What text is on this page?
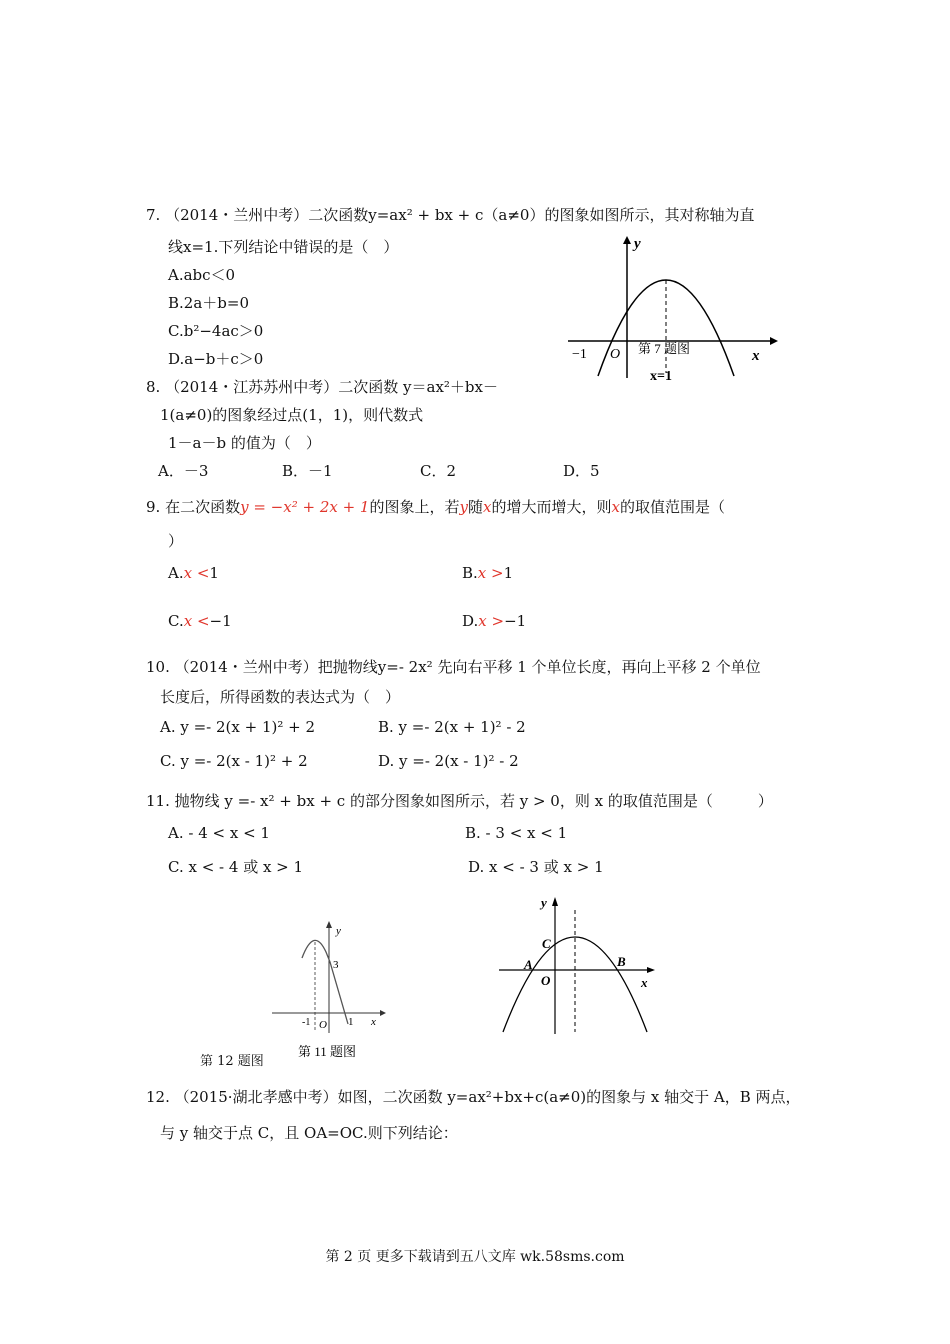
7. （2014・兰州中考）二次函数y=ax² + bx + c（a≠0）的图象如图所示，其对称轴为直
线x=1.下列结论中错误的是（　）
A.abc＜0
B.2a＋b=0
C.b²−4ac＞0
D.a−b＋c＞0
y
x
O
−1	第 7 题图
x=1
8. （2014・江苏苏州中考）二次函数 y＝ax²＋bx－
1(a≠0)的图象经过点(1，1)，则代数式
1－a－b 的值为（　）
A．－3	B．－1	C．2	D．5
9. 在二次函数y = −x² + 2x + 1的图象上，若y随x的增大而增大，则x的取值范围是（
）
A.x <1	B.x >1
C.x <−1	D.x >−1
10. （2014・兰州中考）把抛物线y=- 2x² 先向右平移 1 个单位长度，再向上平移 2 个单位
长度后，所得函数的表达式为（　）
A. y =- 2(x + 1)² + 2	B. y =- 2(x + 1)² - 2
C. y =- 2(x - 1)² + 2	D. y =- 2(x - 1)² - 2
11. 抛物线 y =- x² + bx + c 的部分图象如图所示，若 y > 0，则 x 的取值范围是（　　　）
A. - 4 < x < 1	B. - 3 < x < 1
C. x < - 4 或 x > 1	D. x < - 3 或 x > 1
y
x
3
-1 O 1
第 11 题图
y
x
C
A	B
O
第 12 题图
12. （2015·湖北孝感中考）如图，二次函数 y=ax²+bx+c(a≠0)的图象与 x 轴交于 A，B 两点，
与 y 轴交于点 C，且 OA=OC.则下列结论：
第 2 页 更多下载请到五八文库 wk.58sms.com
